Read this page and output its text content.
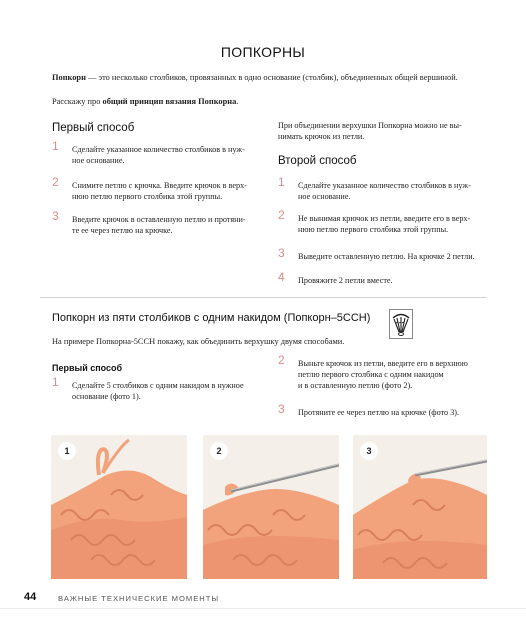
ПОПКОРНЫ
Попкорн — это несколько столбиков, провязанных в одно основание (столбик), объединенных общей вершиной.
Расскажу про общий принцип вязания Попкорна.
Первый способ
1 Сделайте указанное количество столбиков в нуж-
ное основание.
2 Снимите петлю с крючка. Введите крючок в верх-
нюю петлю первого столбика этой группы.
3 Введите крючок в оставленную петлю и протяни-
те ее через петлю на крючке.
При объединении верхушки Попкорна можно не вы-
нимать крючок из петли.
Второй способ
1 Сделайте указанное количество столбиков в нуж-
ное основание.
2 Не вынимая крючок из петли, введите его в верх-
нюю петлю первого столбика этой группы.
3 Выведите оставленную петлю. На крючке 2 петли.
4 Провяжите 2 петли вместе.
Попкорн из пяти столбиков с одним накидом (Попкорн–5СCH)
На примере Попкорна-5ССН покажу, как объединить верхушку двумя способами.
Первый способ
1 Сделайте 5 столбиков с одним накидом в нужное
основание (фото 1).
2 Выньте крючок из петли, введите его в верхнюю
петлю первого столбика с одним накидом
и в оставленную петлю (фото 2).
3 Протяните ее через петлю на крючке (фото 3).
1	2	3
44	ВАЖНЫЕ ТЕХНИЧЕСКИЕ МОМЕНТЫ
